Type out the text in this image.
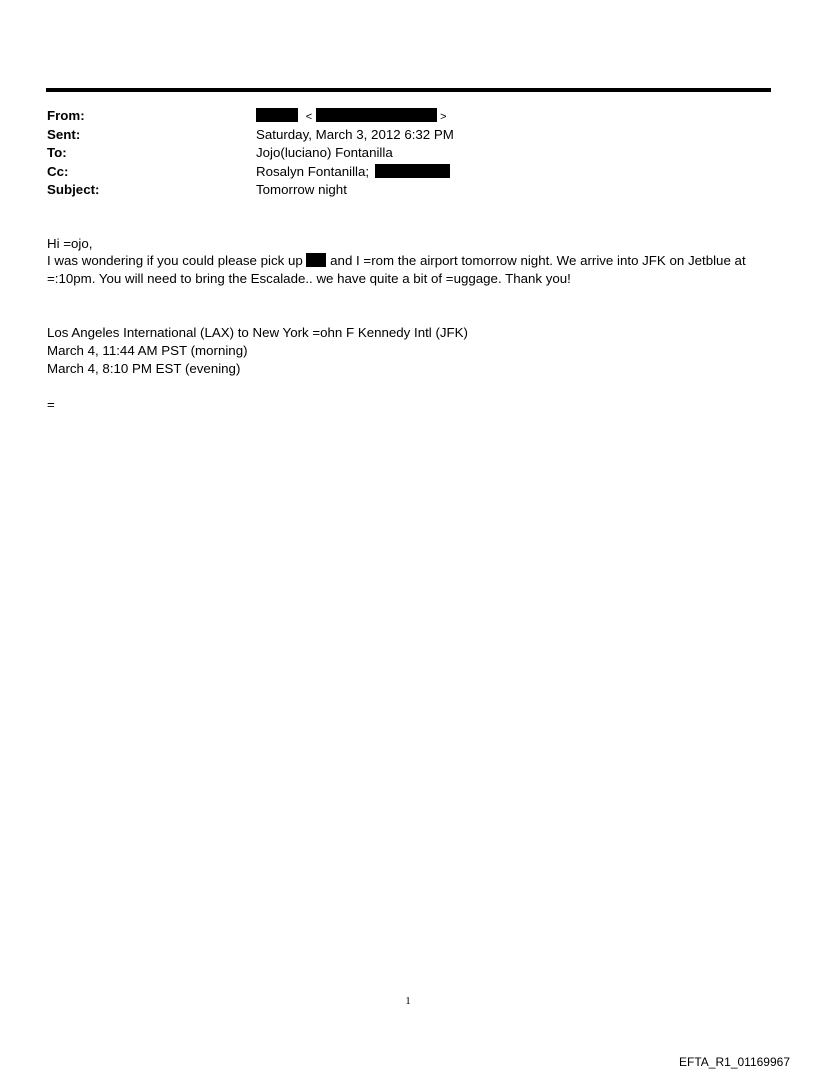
From:	<	>
Sent:	Saturday, March 3, 2012 6:32 PM
To:	Jojo(luciano) Fontanilla
Cc:	Rosalyn Fontanilla;
Subject:	Tomorrow night
Hi =ojo,
I was wondering if you could please pick up and I =rom the airport tomorrow night. We arrive into JFK on Jetblue at
=:10pm. You will need to bring the Escalade.. we have quite a bit of =uggage. Thank you!
Los Angeles International (LAX) to New York =ohn F Kennedy Intl (JFK)
March 4, 11:44 AM PST (morning)
March 4, 8:10 PM EST (evening)
=
1
EFTA_R1_01169967
